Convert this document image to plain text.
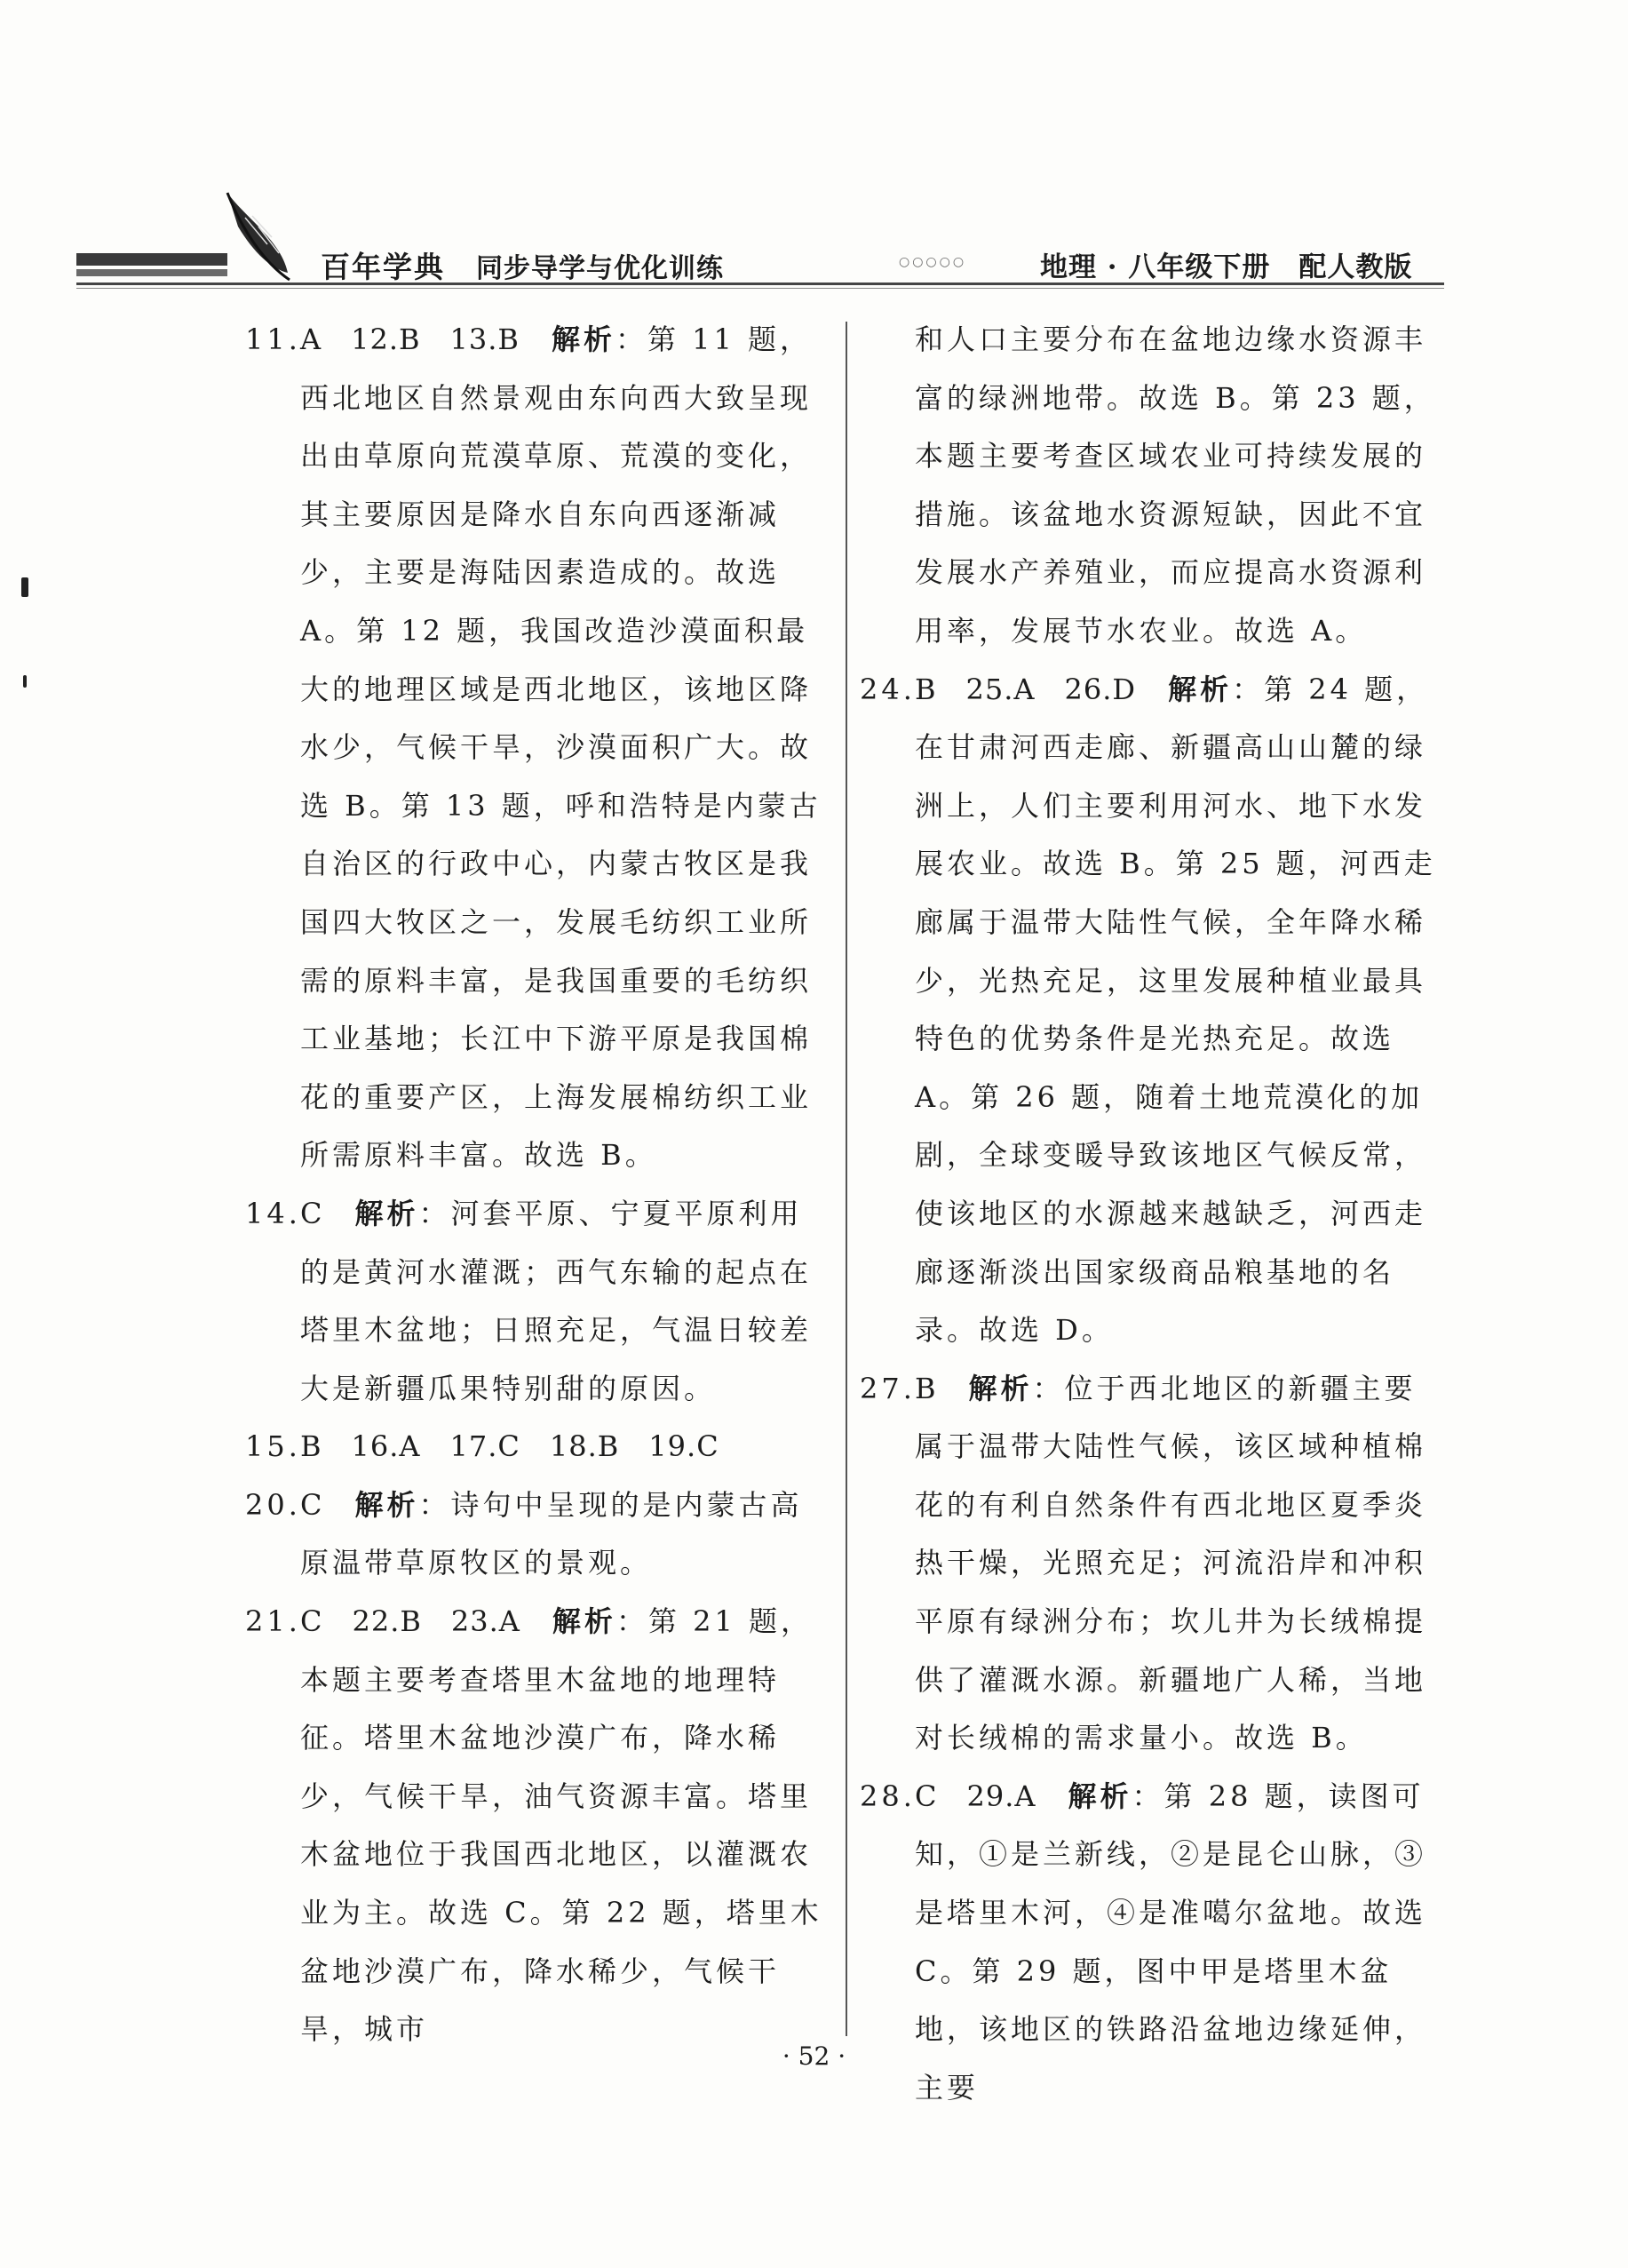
百年学典 同步导学与优化训练	○○○○○	地理 · 八年级下册　配人教版
11. A　12.B　13.B　 解析：第 11 题，西北地区自然景观由东向西大致呈现出由草原向荒漠草原、荒漠的变化，其主要原因是降水自东向西逐渐减少，主要是海陆因素造成的。故选 A。第 12 题，我国改造沙漠面积最大的地理区域是西北地区，该地区降水少，气候干旱，沙漠面积广大。故选 B。第 13 题，呼和浩特是内蒙古自治区的行政中心，内蒙古牧区是我国四大牧区之一，发展毛纺织工业所需的原料丰富，是我国重要的毛纺织工业基地；长江中下游平原是我国棉花的重要产区，上海发展棉纺织工业所需原料丰富。故选 B。
14. C　 解析：河套平原、宁夏平原利用的是黄河水灌溉；西气东输的起点在塔里木盆地；日照充足，气温日较差大是新疆瓜果特别甜的原因。
15. B　16.A　17.C　18.B　19.C
20. C　 解析：诗句中呈现的是内蒙古高原温带草原牧区的景观。
21. C　22.B　23.A　 解析：第 21 题，本题主要考查塔里木盆地的地理特征。塔里木盆地沙漠广布，降水稀少，气候干旱，油气资源丰富。塔里木盆地位于我国西北地区，以灌溉农业为主。故选 C。第 22 题，塔里木盆地沙漠广布，降水稀少，气候干旱，城市
和人口主要分布在盆地边缘水资源丰富的绿洲地带。故选 B。第 23 题，本题主要考查区域农业可持续发展的措施。该盆地水资源短缺，因此不宜发展水产养殖业，而应提高水资源利用率，发展节水农业。故选 A。
24. B　25.A　26.D　 解析：第 24 题，在甘肃河西走廊、新疆高山山麓的绿洲上，人们主要利用河水、地下水发展农业。故选 B。第 25 题，河西走廊属于温带大陆性气候，全年降水稀少，光热充足，这里发展种植业最具特色的优势条件是光热充足。故选 A。第 26 题，随着土地荒漠化的加剧，全球变暖导致该地区气候反常，使该地区的水源越来越缺乏，河西走廊逐渐淡出国家级商品粮基地的名录。故选 D。
27. B　 解析：位于西北地区的新疆主要属于温带大陆性气候，该区域种植棉花的有利自然条件有西北地区夏季炎热干燥，光照充足；河流沿岸和冲积平原有绿洲分布；坎儿井为长绒棉提供了灌溉水源。新疆地广人稀，当地对长绒棉的需求量小。故选 B。
28. C　29.A　 解析：第 28 题，读图可知，①是兰新线，②是昆仑山脉，③是塔里木河，④是准噶尔盆地。故选 C。第 29 题，图中甲是塔里木盆地，该地区的铁路沿盆地边缘延伸，主要
· 52 ·
